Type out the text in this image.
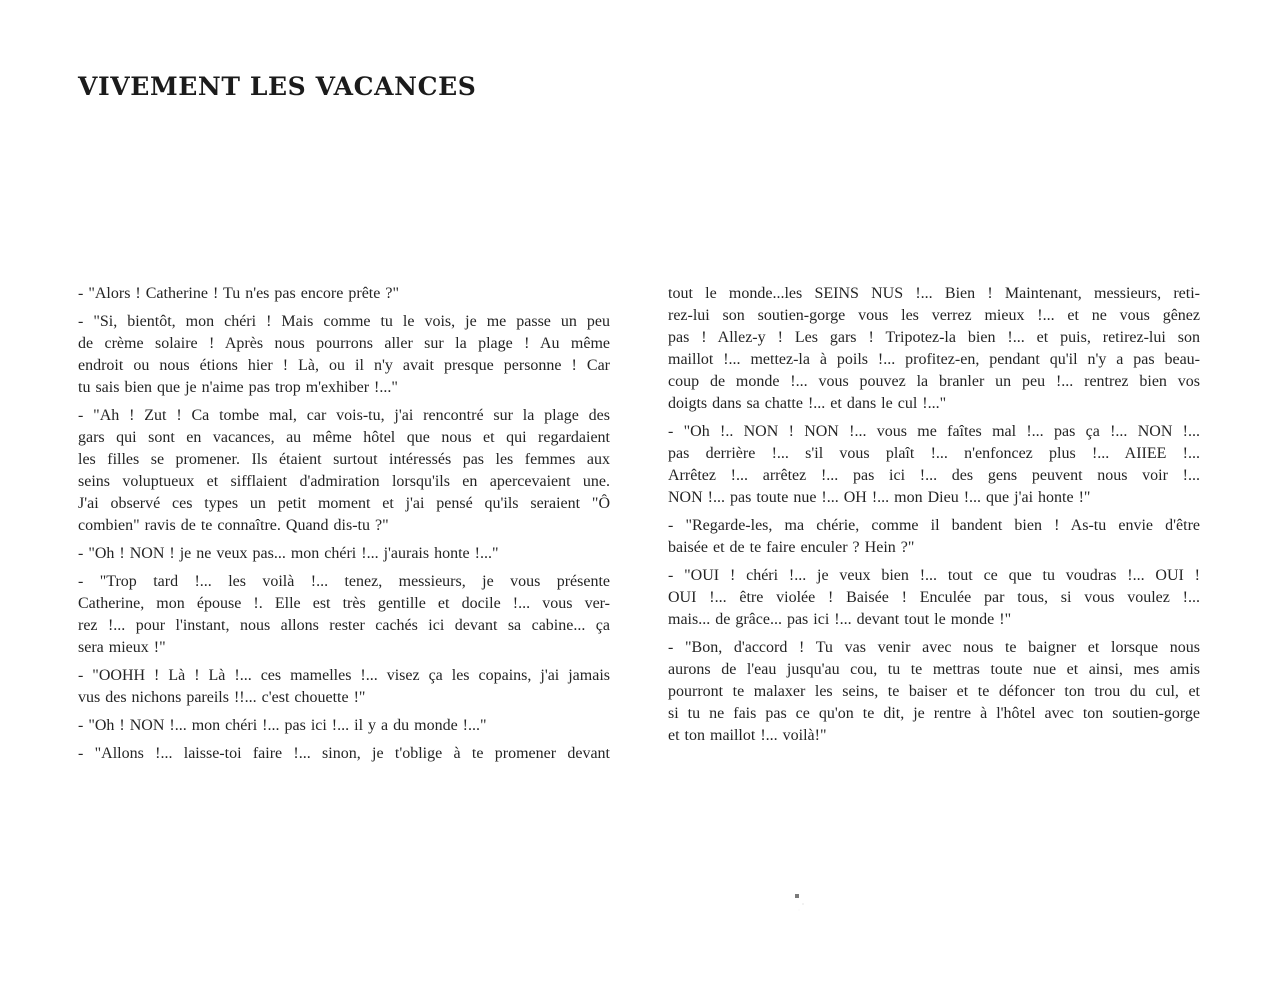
VIVEMENT LES VACANCES
- "Alors ! Catherine ! Tu n'es pas encore prête ?"
- "Si, bientôt, mon chéri ! Mais comme tu le vois, je me passe un peu
de crème solaire ! Après nous pourrons aller sur la plage ! Au même
endroit ou nous étions hier ! Là, ou il n'y avait presque personne ! Car
tu sais bien que je n'aime pas trop m'exhiber !..."
- "Ah ! Zut ! Ca tombe mal, car vois-tu, j'ai rencontré sur la plage des
gars qui sont en vacances, au même hôtel que nous et qui regardaient
les filles se promener. Ils étaient surtout intéressés pas les femmes aux
seins voluptueux et sifflaient d'admiration lorsqu'ils en apercevaient une.
J'ai observé ces types un petit moment et j'ai pensé qu'ils seraient "Ô
combien" ravis de te connaître. Quand dis-tu ?"
- "Oh ! NON ! je ne veux pas... mon chéri !... j'aurais honte !..."
- "Trop tard !... les voilà !... tenez, messieurs, je vous présente
Catherine, mon épouse !. Elle est très gentille et docile !... vous ver-
rez !... pour l'instant, nous allons rester cachés ici devant sa cabine... ça
sera mieux !"
- "OOHH ! Là ! Là !... ces mamelles !... visez ça les copains, j'ai jamais
vus des nichons pareils !!... c'est chouette !"
- "Oh ! NON !... mon chéri !... pas ici !... il y a du monde !..."
- "Allons !... laisse-toi faire !... sinon, je t'oblige à te promener devant
tout le monde...les SEINS NUS !... Bien ! Maintenant, messieurs, reti-
rez-lui son soutien-gorge vous les verrez mieux !... et ne vous gênez
pas ! Allez-y ! Les gars ! Tripotez-la bien !... et puis, retirez-lui son
maillot !... mettez-la à poils !... profitez-en, pendant qu'il n'y a pas beau-
coup de monde !... vous pouvez la branler un peu !... rentrez bien vos
doigts dans sa chatte !... et dans le cul !..."
- "Oh !.. NON ! NON !... vous me faîtes mal !... pas ça !... NON !...
pas derrière !... s'il vous plaît !... n'enfoncez plus !... AIIEE !...
Arrêtez !... arrêtez !... pas ici !... des gens peuvent nous voir !...
NON !... pas toute nue !... OH !... mon Dieu !... que j'ai honte !"
- "Regarde-les, ma chérie, comme il bandent bien ! As-tu envie d'être
baisée et de te faire enculer ? Hein ?"
- "OUI ! chéri !... je veux bien !... tout ce que tu voudras !... OUI !
OUI !... être violée ! Baisée ! Enculée par tous, si vous voulez !...
mais... de grâce... pas ici !... devant tout le monde !"
- "Bon, d'accord ! Tu vas venir avec nous te baigner et lorsque nous
aurons de l'eau jusqu'au cou, tu te mettras toute nue et ainsi, mes amis
pourront te malaxer les seins, te baiser et te défoncer ton trou du cul, et
si tu ne fais pas ce qu'on te dit, je rentre à l'hôtel avec ton soutien-gorge
et ton maillot !... voilà!"
